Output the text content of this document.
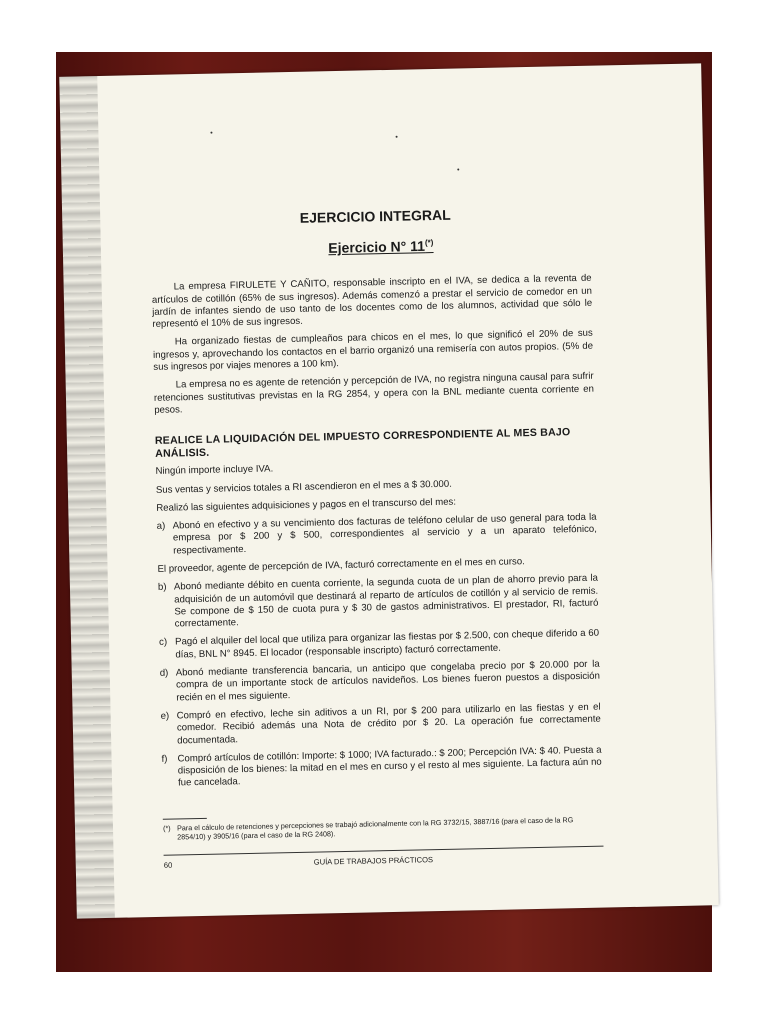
EJERCICIO INTEGRAL
Ejercicio N° 11(*)

La empresa FIRULETE Y CAÑITO, responsable inscripto en el IVA, se dedica a la reventa de artículos de cotillón (65% de sus ingresos). Además comenzó a prestar el servicio de comedor en un jardín de infantes siendo de uso tanto de los docentes como de los alumnos, actividad que sólo le representó el 10% de sus ingresos.

Ha organizado fiestas de cumpleaños para chicos en el mes, lo que significó el 20% de sus ingresos y, aprovechando los contactos en el barrio organizó una remisería con autos propios. (5% de sus ingresos por viajes menores a 100 km).

La empresa no es agente de retención y percepción de IVA, no registra ninguna causal para sufrir retenciones sustitutivas previstas en la RG 2854, y opera con la BNL mediante cuenta corriente en pesos.

REALICE LA LIQUIDACIÓN DEL IMPUESTO CORRESPONDIENTE AL MES BAJO ANÁLISIS.

Ningún importe incluye IVA.

Sus ventas y servicios totales a RI ascendieron en el mes a $ 30.000.

Realizó las siguientes adquisiciones y pagos en el transcurso del mes:

a) Abonó en efectivo y a su vencimiento dos facturas de teléfono celular de uso general para toda la empresa por $ 200 y $ 500, correspondientes al servicio y a un aparato telefónico, respectivamente.

El proveedor, agente de percepción de IVA, facturó correctamente en el mes en curso.

b) Abonó mediante débito en cuenta corriente, la segunda cuota de un plan de ahorro previo para la adquisición de un automóvil que destinará al reparto de artículos de cotillón y al servicio de remis. Se compone de $ 150 de cuota pura y $ 30 de gastos administrativos. El prestador, RI, facturó correctamente.
c) Pagó el alquiler del local que utiliza para organizar las fiestas por $ 2.500, con cheque diferido a 60 días, BNL N° 8945. El locador (responsable inscripto) facturó correctamente.
d) Abonó mediante transferencia bancaria, un anticipo que congelaba precio por $ 20.000 por la compra de un importante stock de artículos navideños. Los bienes fueron puestos a disposición recién en el mes siguiente.
e) Compró en efectivo, leche sin aditivos a un RI, por $ 200 para utilizarlo en las fiestas y en el comedor. Recibió además una Nota de crédito por $ 20. La operación fue correctamente documentada.
f)	Compró artículos de cotillón: Importe: $ 1000; IVA facturado.: $ 200; Percepción IVA: $ 40. Puesta a disposición de los bienes: la mitad en el mes en curso y el resto al mes siguiente. La factura aún no fue cancelada.
(*) Para el cálculo de retenciones y percepciones se trabajó adicionalmente con la RG 3732/15, 3887/16 (para el caso de la RG 2854/10) y 3905/16 (para el caso de la RG 2408).
60	GUÍA DE TRABAJOS PRÁCTICOS
